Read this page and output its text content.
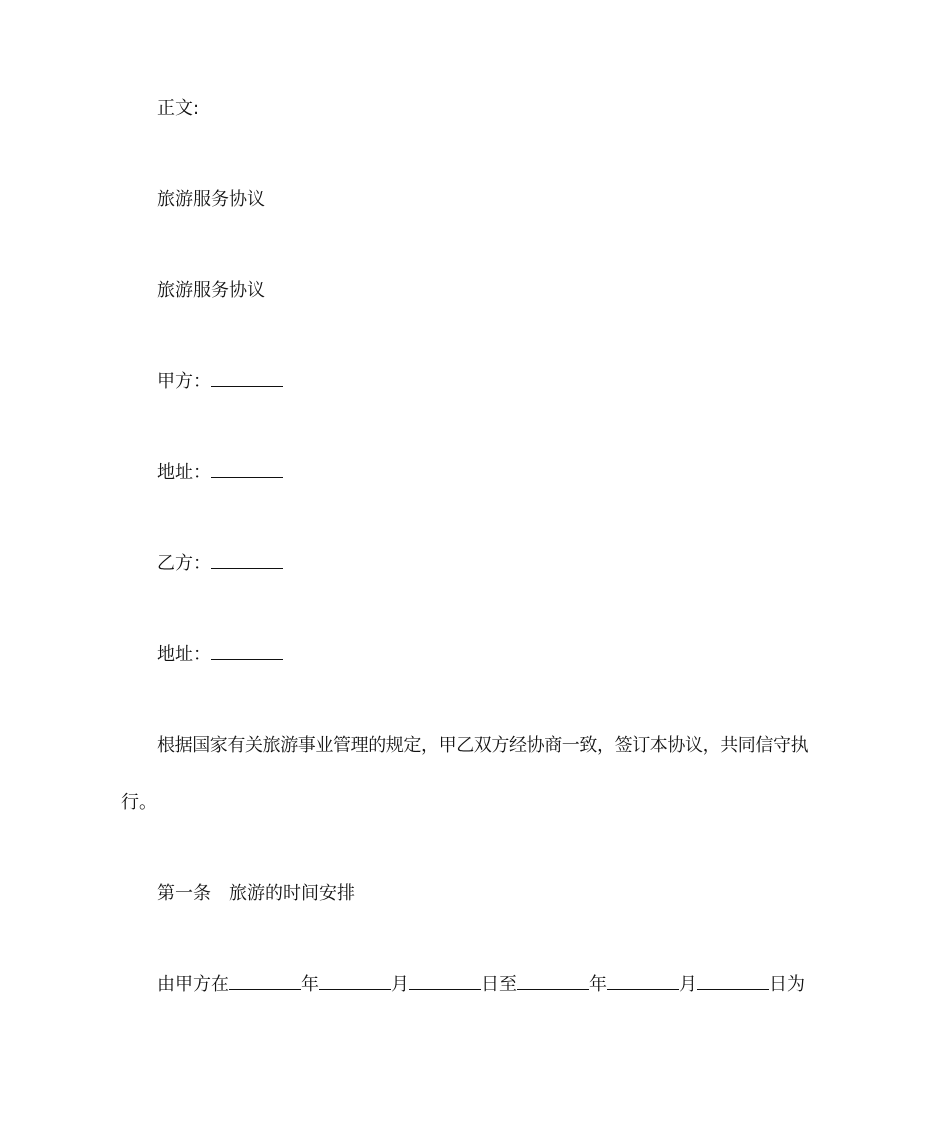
正文:

旅游服务协议

旅游服务协议

甲方：

地址：

乙方：

地址：

根据国家有关旅游事业管理的规定，甲乙双方经协商一致，签订本协议，共同信守执

行。

第一条 旅游的时间安排

由甲方在	年	月	日至	年	月	日为
